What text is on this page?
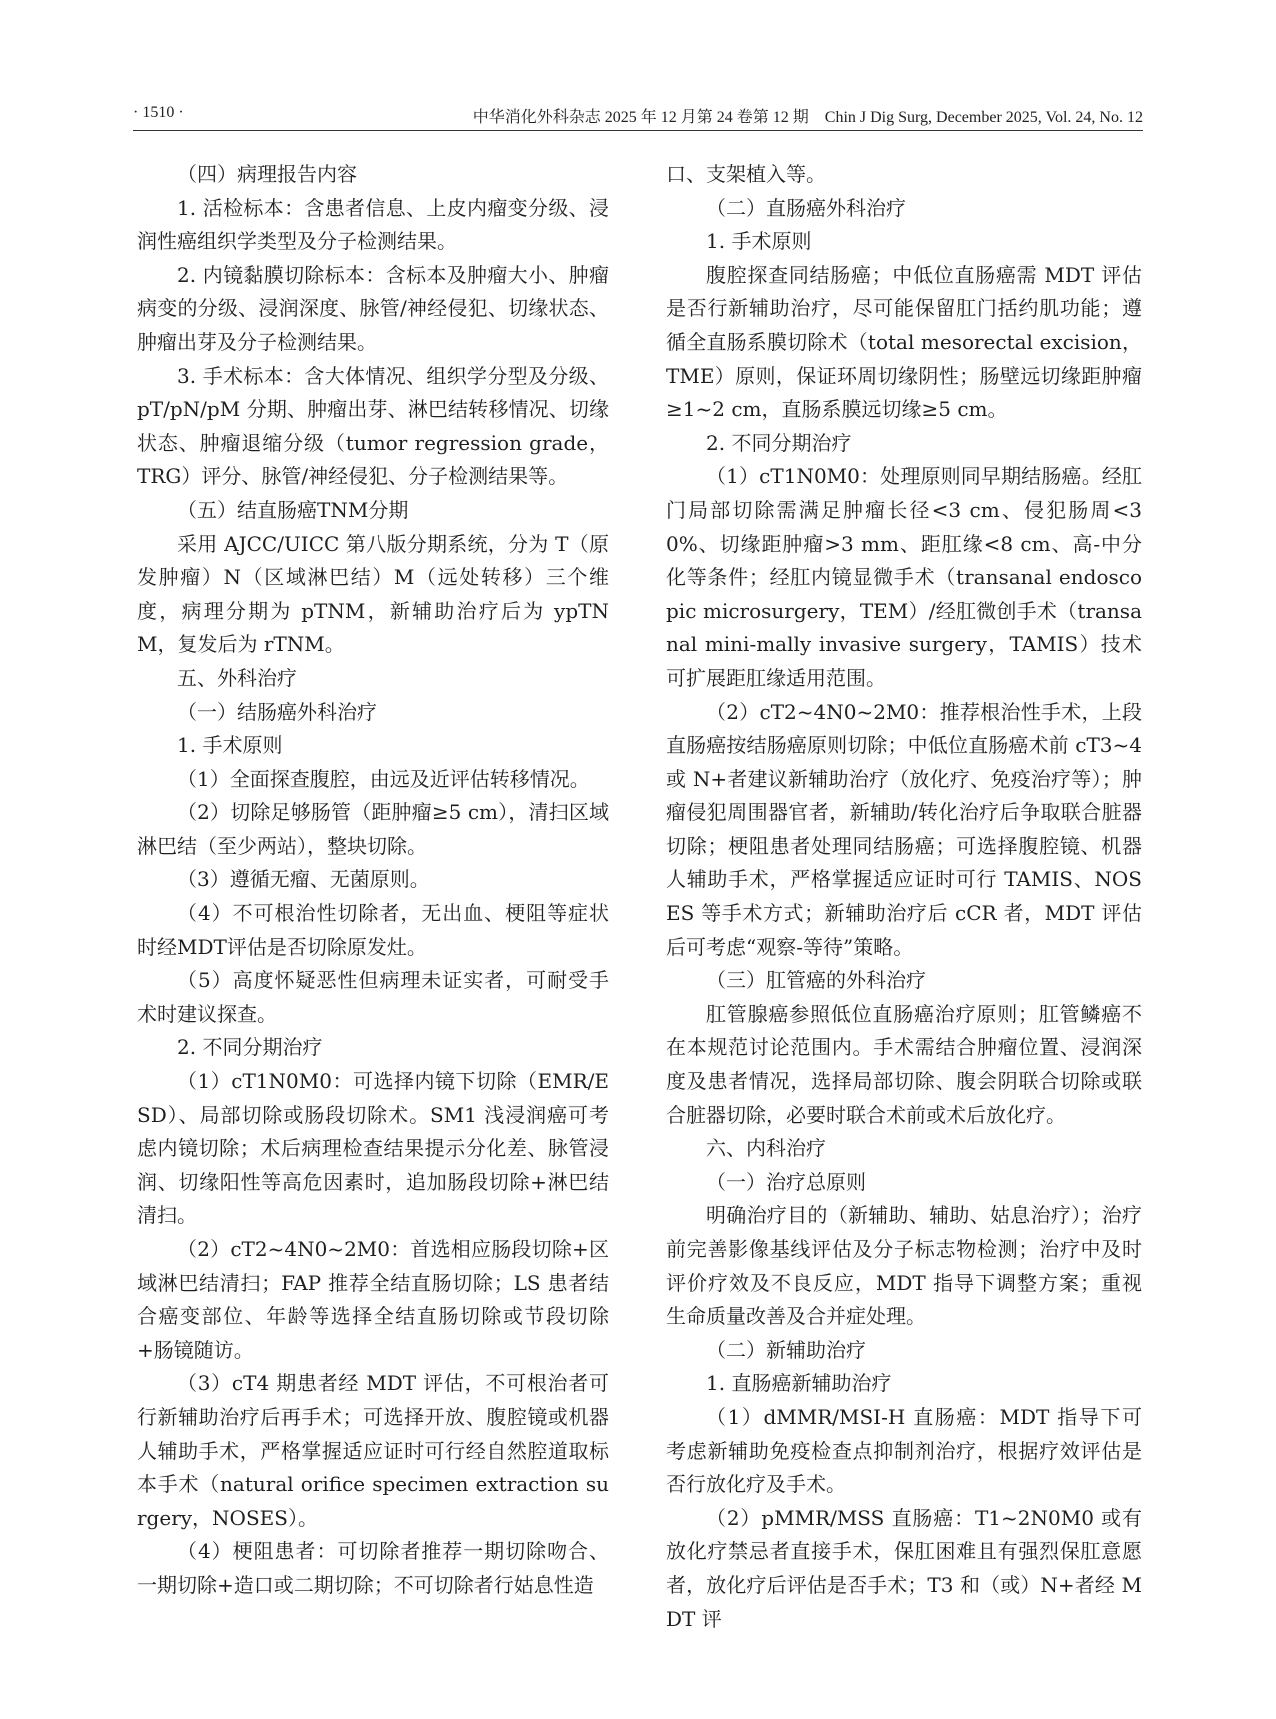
· 1510 ·	中华消化外科杂志 2025 年 12 月第 24 卷第 12 期　Chin J Dig Surg, December 2025, Vol. 24, No. 12

（四）病理报告内容

1. 活检标本：含患者信息、上皮内瘤变分级、浸润性癌组织学类型及分子检测结果。

2. 内镜黏膜切除标本：含标本及肿瘤大小、肿瘤病变的分级、浸润深度、脉管/神经侵犯、切缘状态、肿瘤出芽及分子检测结果。

3. 手术标本：含大体情况、组织学分型及分级、pT/pN/pM 分期、肿瘤出芽、淋巴结转移情况、切缘状态、肿瘤退缩分级（tumor regression grade，TRG）评分、脉管/神经侵犯、分子检测结果等。

（五）结直肠癌TNM分期

采用 AJCC/UICC 第八版分期系统，分为 T（原发肿瘤）N（区域淋巴结）M（远处转移）三个维度，病理分期为 pTNM，新辅助治疗后为 ypTNM，复发后为 rTNM。

五、外科治疗

（一）结肠癌外科治疗

1. 手术原则

（1）全面探查腹腔，由远及近评估转移情况。

（2）切除足够肠管（距肿瘤≥5 cm），清扫区域淋巴结（至少两站），整块切除。

（3）遵循无瘤、无菌原则。

（4）不可根治性切除者，无出血、梗阻等症状时经MDT评估是否切除原发灶。

（5）高度怀疑恶性但病理未证实者，可耐受手术时建议探查。

2. 不同分期治疗

（1）cT1N0M0：可选择内镜下切除（EMR/ESD）、局部切除或肠段切除术。SM1 浅浸润癌可考虑内镜切除；术后病理检查结果提示分化差、脉管浸润、切缘阳性等高危因素时，追加肠段切除+淋巴结清扫。

（2）cT2~4N0~2M0：首选相应肠段切除+区域淋巴结清扫；FAP 推荐全结直肠切除；LS 患者结合癌变部位、年龄等选择全结直肠切除或节段切除+肠镜随访。

（3）cT4 期患者经 MDT 评估，不可根治者可行新辅助治疗后再手术；可选择开放、腹腔镜或机器人辅助手术，严格掌握适应证时可行经自然腔道取标本手术（natural orifice specimen extraction surgery，NOSES）。

（4）梗阻患者：可切除者推荐一期切除吻合、一期切除+造口或二期切除；不可切除者行姑息性造

口、支架植入等。

（二）直肠癌外科治疗

1. 手术原则

腹腔探查同结肠癌；中低位直肠癌需 MDT 评估是否行新辅助治疗，尽可能保留肛门括约肌功能；遵循全直肠系膜切除术（total mesorectal excision，TME）原则，保证环周切缘阴性；肠壁远切缘距肿瘤≥1~2 cm，直肠系膜远切缘≥5 cm。

2. 不同分期治疗

（1）cT1N0M0：处理原则同早期结肠癌。经肛门局部切除需满足肿瘤长径<3 cm、侵犯肠周<30%、切缘距肿瘤>3 mm、距肛缘<8 cm、高-中分化等条件；经肛内镜显微手术（transanal endoscopic microsurgery，TEM）/经肛微创手术（transanal mini-mally invasive surgery，TAMIS）技术可扩展距肛缘适用范围。

（2）cT2~4N0~2M0：推荐根治性手术，上段直肠癌按结肠癌原则切除；中低位直肠癌术前 cT3~4 或 N+者建议新辅助治疗（放化疗、免疫治疗等）；肿瘤侵犯周围器官者，新辅助/转化治疗后争取联合脏器切除；梗阻患者处理同结肠癌；可选择腹腔镜、机器人辅助手术，严格掌握适应证时可行 TAMIS、NOSES 等手术方式；新辅助治疗后 cCR 者，MDT 评估后可考虑“观察-等待”策略。

（三）肛管癌的外科治疗

肛管腺癌参照低位直肠癌治疗原则；肛管鳞癌不在本规范讨论范围内。手术需结合肿瘤位置、浸润深度及患者情况，选择局部切除、腹会阴联合切除或联合脏器切除，必要时联合术前或术后放化疗。

六、内科治疗

（一）治疗总原则

明确治疗目的（新辅助、辅助、姑息治疗）；治疗前完善影像基线评估及分子标志物检测；治疗中及时评价疗效及不良反应，MDT 指导下调整方案；重视生命质量改善及合并症处理。

（二）新辅助治疗

1. 直肠癌新辅助治疗

（1）dMMR/MSI-H 直肠癌：MDT 指导下可考虑新辅助免疫检查点抑制剂治疗，根据疗效评估是否行放化疗及手术。

（2）pMMR/MSS 直肠癌：T1~2N0M0 或有放化疗禁忌者直接手术，保肛困难且有强烈保肛意愿者，放化疗后评估是否手术；T3 和（或）N+者经 MDT 评
